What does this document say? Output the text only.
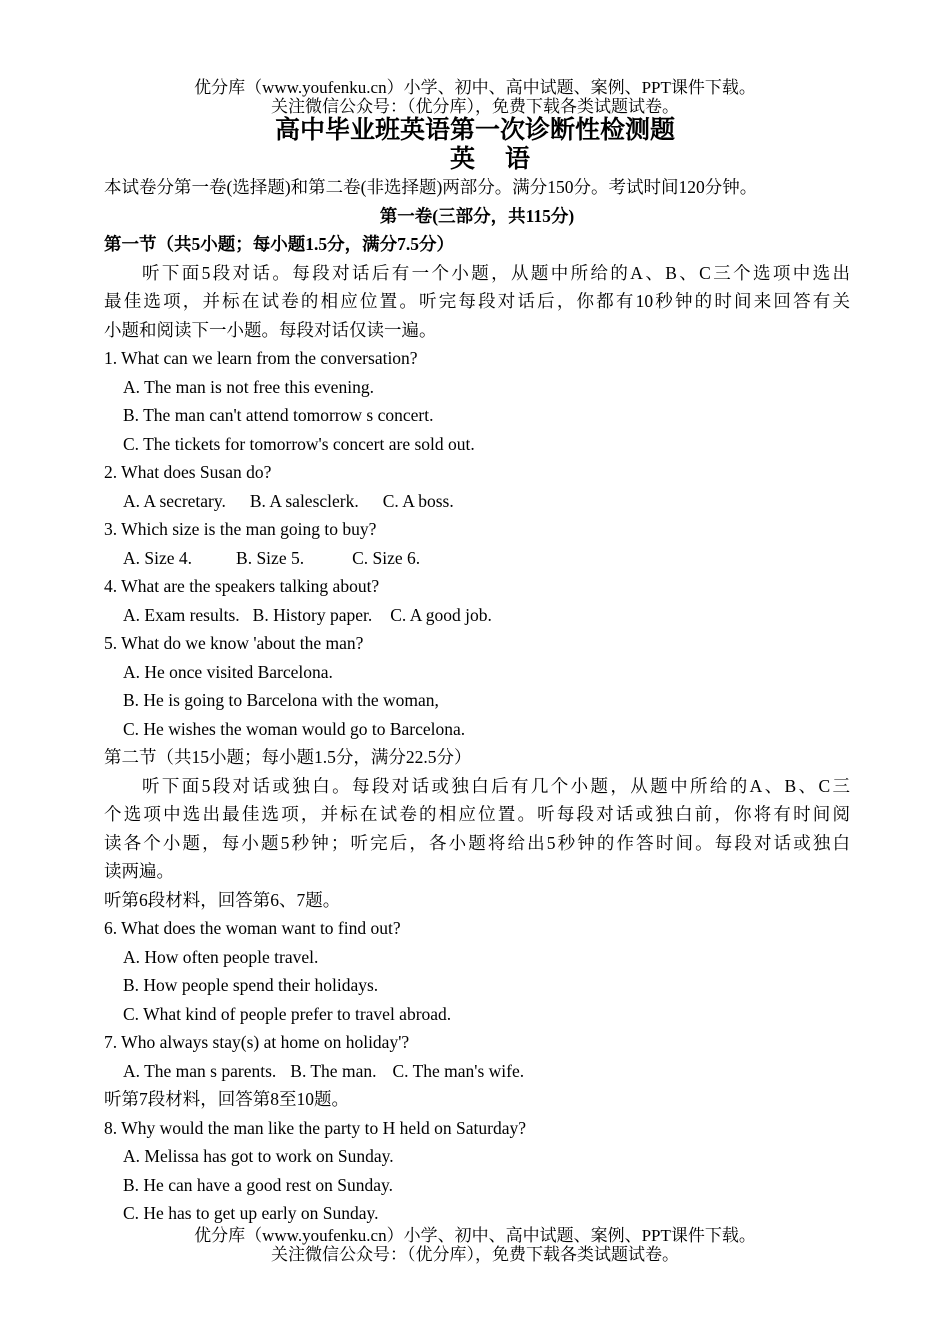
优分库（www.youfenku.cn）小学、初中、高中试题、案例、PPT课件下载。
关注微信公众号：（优分库），免费下载各类试题试卷。
高中毕业班英语第一次诊断性检测题
英语
本试卷分第一卷(选择题)和第二卷(非选择题)两部分。满分150分。考试时间120分钟。
第一卷(三部分，共115分)
第一节（共5小题；每小题1.5分，满分7.5分）
听下面5段对话。每段对话后有一个小题，从题中所给的A、B、C三个选项中选出
最佳选项，并标在试卷的相应位置。听完每段对话后，你都有10秒钟的时间来回答有关
小题和阅读下一小题。每段对话仅读一遍。
1. What can we learn from the conversation?
A. The man is not free this evening.
B. The man can't attend tomorrow s concert.
C. The tickets for tomorrow's concert are sold out.
2. What does Susan do?
A. A secretary. B. A salesclerk. C. A boss.
3. Which size is the man going to buy?
A. Size 4.	B. Size 5.	C. Size 6.
4. What are the speakers talking about?
A. Exam results. B. History paper. C. A good job.
5. What do we know 'about the man?
A. He once visited Barcelona.
B. He is going to Barcelona with the woman,
C. He wishes the woman would go to Barcelona.
第二节（共15小题；每小题1.5分，满分22.5分）
听下面5段对话或独白。每段对话或独白后有几个小题，从题中所给的A、B、C三
个选项中选出最佳选项，并标在试卷的相应位置。听每段对话或独白前，你将有时间阅
读各个小题，每小题5秒钟；听完后，各小题将给出5秒钟的作答时间。每段对话或独白
读两遍。
听第6段材料，回答第6、7题。
6. What does the woman want to find out?
A. How often people travel.
B. How people spend their holidays.
C. What kind of people prefer to travel abroad.
7. Who always stay(s) at home on holiday'?
A. The man s parents. B. The man. C. The man's wife.
听第7段材料，回答第8至10题。
8. Why would the man like the party to H held on Saturday?
A. Melissa has got to work on Sunday.
B. He can have a good rest on Sunday.
C. He has to get up early on Sunday.
优分库（www.youfenku.cn）小学、初中、高中试题、案例、PPT课件下载。
关注微信公众号：（优分库），免费下载各类试题试卷。
